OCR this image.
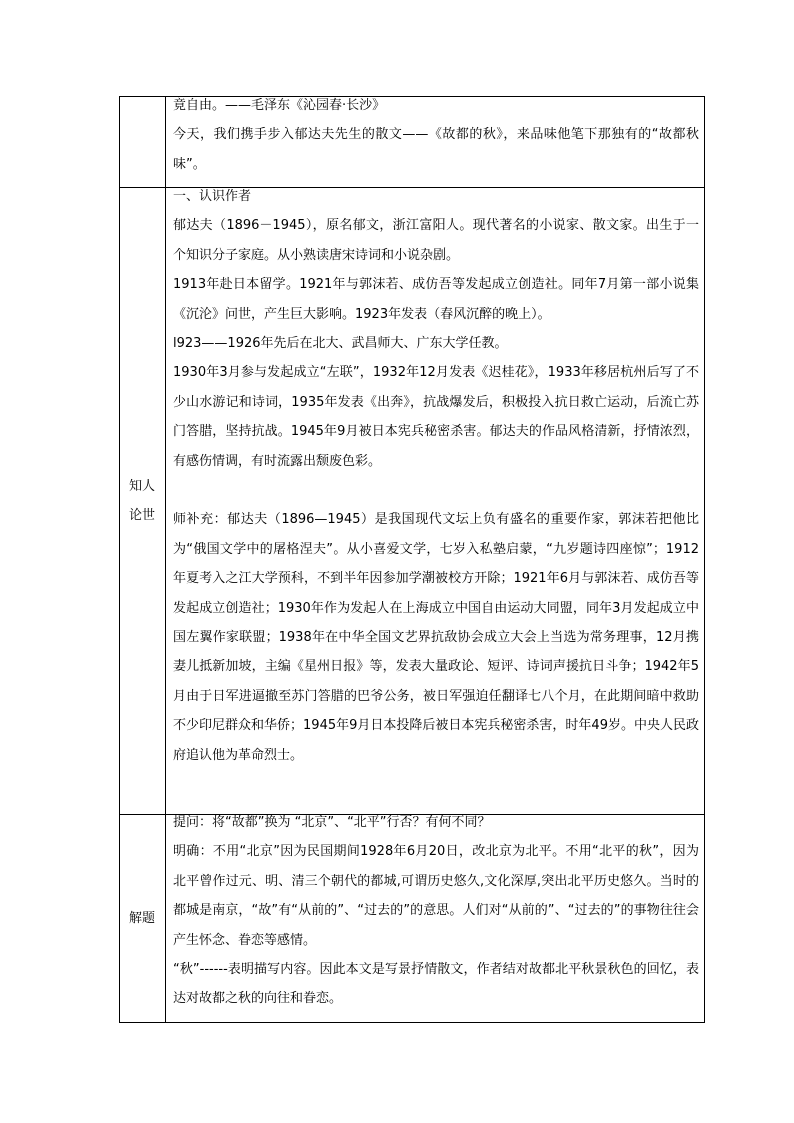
竟自由。——毛泽东《沁园春·长沙》

今天，我们携手步入郁达夫先生的散文——《故都的秋》，来品味他笔下那独有的“故都秋味”。

知人
论世

一、认识作者

郁达夫（1896－1945），原名郁文，浙江富阳人。现代著名的小说家、散文家。出生于一个知识分子家庭。从小熟读唐宋诗词和小说杂剧。

1913年赴日本留学。1921年与郭沫若、成仿吾等发起成立创造社。同年7月第一部小说集《沉沦》问世，产生巨大影响。1923年发表（春风沉醉的晚上）。

l923——1926年先后在北大、武昌师大、广东大学任教。

1930年3月参与发起成立“左联”，1932年12月发表《迟桂花》，1933年移居杭州后写了不少山水游记和诗词，1935年发表《出奔》，抗战爆发后，积极投入抗日救亡运动，后流亡苏门答腊，坚持抗战。1945年9月被日本宪兵秘密杀害。郁达夫的作品风格清新，抒情浓烈，有感伤情调，有时流露出颓废色彩。

师补充：郁达夫（1896—1945）是我国现代文坛上负有盛名的重要作家，郭沫若把他比为“俄国文学中的屠格涅夫”。从小喜爱文学，七岁入私塾启蒙，“九岁题诗四座惊”；1912年夏考入之江大学预科，不到半年因参加学潮被校方开除；1921年6月与郭沫若、成仿吾等发起成立创造社；1930年作为发起人在上海成立中国自由运动大同盟，同年3月发起成立中国左翼作家联盟；1938年在中华全国文艺界抗敌协会成立大会上当选为常务理事，12月携妻儿抵新加坡，主编《星州日报》等，发表大量政论、短评、诗词声援抗日斗争；1942年5月由于日军进逼撤至苏门答腊的巴爷公务，被日军强迫任翻译七八个月，在此期间暗中救助不少印尼群众和华侨；1945年9月日本投降后被日本宪兵秘密杀害，时年49岁。中央人民政府追认他为革命烈士。

解题

提问：将“故都”换为 “北京”、“北平”行否？有何不同？

明确：不用“北京”因为民国期间1928年6月20日，改北京为北平。不用“北平的秋”，因为北平曾作过元、明、清三个朝代的都城,可谓历史悠久,文化深厚,突出北平历史悠久。当时的都城是南京，“故”有“从前的”、“过去的”的意思。人们对“从前的”、“过去的”的事物往往会产生怀念、眷恋等感情。

“秋”------表明描写内容。因此本文是写景抒情散文，作者结对故都北平秋景秋色的回忆，表达对故都之秋的向往和眷恋。
